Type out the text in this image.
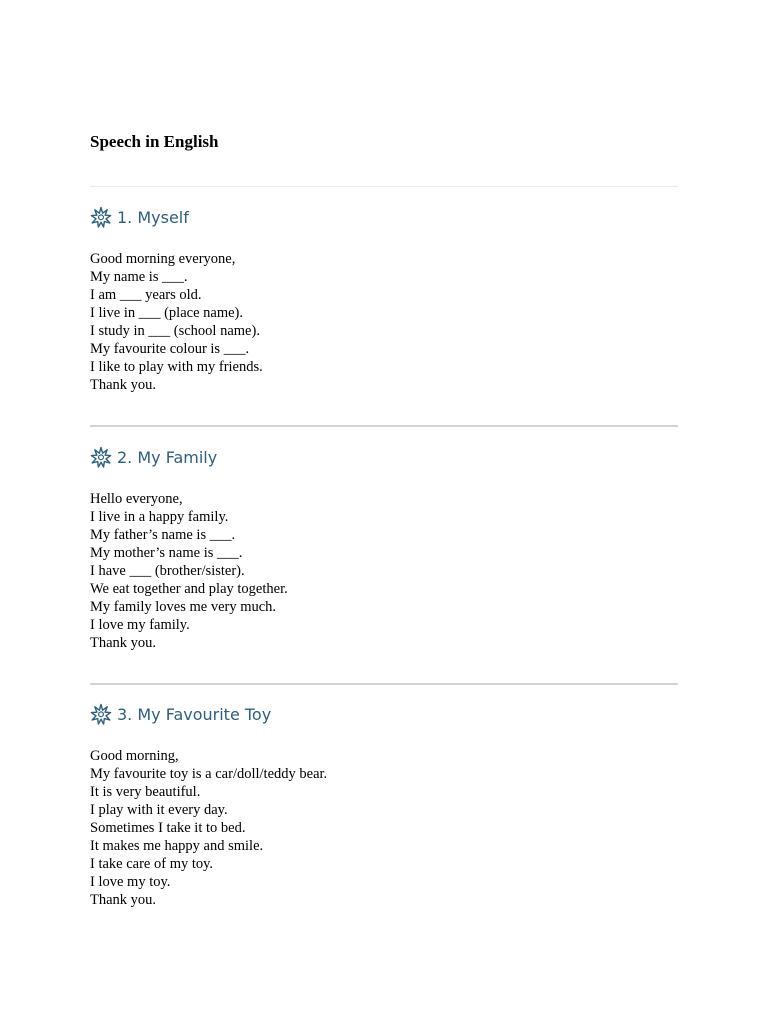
Speech in English
1. Myself
Good morning everyone,
My name is ___.
I am ___ years old.
I live in ___ (place name).
I study in ___ (school name).
My favourite colour is ___.
I like to play with my friends.
Thank you.
2. My Family
Hello everyone,
I live in a happy family.
My father’s name is ___.
My mother’s name is ___.
I have ___ (brother/sister).
We eat together and play together.
My family loves me very much.
I love my family.
Thank you.
3. My Favourite Toy
Good morning,
My favourite toy is a car/doll/teddy bear.
It is very beautiful.
I play with it every day.
Sometimes I take it to bed.
It makes me happy and smile.
I take care of my toy.
I love my toy.
Thank you.
